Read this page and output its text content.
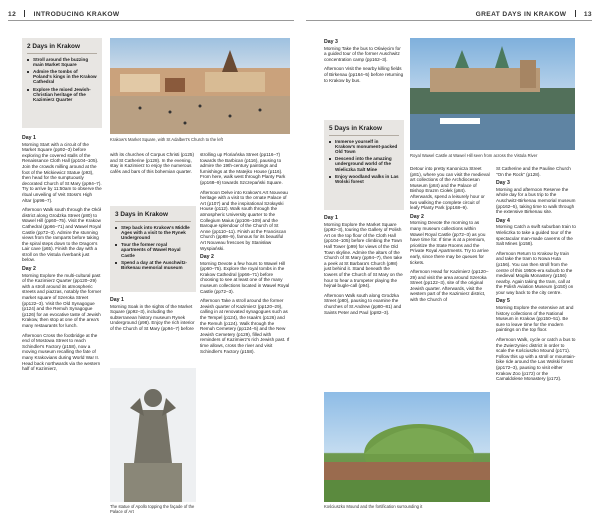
12	INTRODUCING KRAKOW	GREAT DAYS IN KRAKOW	13
2 Days in Krakow
Stroll around the buzzing main Market Square
Admire the tombs of Poland's kings in the Krakow Cathedral
Explore the mixed Jewish-Christian heritage of the Kazimierz Quarter
Krakow's Market Square, with St Adalbert's Church to the left
Day 1

Morning Start with a circuit of the Market Square (pp92–3) before exploring the covered stalls of the Renaissance Cloth Hall (pp104–105). Join the crowds milling around at the foot of the Mickiewicz Statue (p93), then head for the sumptuously decorated Church of St Mary (pp94–7). Try to arrive by 11:50am to observe the ritual unveiling of Veit Stoss's High Altar (pp96–7).

Afternoon Walk south through the Okół district along Grodzka Street (p80) to Wawel Hill (pp60–75). Visit the Krakow Cathedral (pp66–71) and Wawel Royal Castle (pp72–3). Admire the stunning views from the ramparts before taking the spiral steps down to the Dragon's Lair cave (p65). Finish the day with a stroll on the Vistula riverbank just below.

Day 2

Morning Explore the multi-cultural past of the Kazimierz Quarter (pp120–29) with a stroll around its atmospheric streets and piazzas, notably the former market square of Szeroka Street (pp122–3). Visit the Old Synagogue (p124) and the Remuh Synagogue (p126) for an evocative taste of Jewish Krakow, then stop at one of the area's many restaurants for lunch.

Afternoon Cross the footbridge at the end of Mostowa Street to reach Schindler's Factory (p158), now a moving museum recalling the fate of many Krakovians during World War II. Head back northwards via the western half of Kazimierz,

with its churches of Corpus Christi (p125) and St Catherine (p128). In the evening, stay in Kazimierz to enjoy the numerous cafés and bars of this bohemian quarter.

3 Days in Krakow
Step back into Krakow's Middle Ages with a visit to the Rynek Underground
Tour the former royal apartments of Wawel Royal Castle
Spend a day at the Auschwitz-Birkenau memorial museum
Day 1

Morning Soak in the sights of the Market Square (pp92–3), including the subterranean history museum Rynek Underground (p98). Enjoy the rich interior of the Church of St Mary (pp94–7) before

The statue of Apollo topping the façade of the Palace of Art

strolling up Floriańska Street (pp116–7) towards the Barbican (p116), pausing to admire the 19th-century paintings and furnishings at the Matejko House (p116). From here, walk west through Planty Park (pp168–9) towards Szczepański Square.

Afternoon Delve into Krakow's Art Nouveau heritage with a visit to the ornate Palace of Art (p107) and the inspirational Szołayski House (p112). Walk south through the atmospheric University quarter to the Collegium Maius (pp106–109) and the Baroque splendour of the Church of St Anne (pp110–11). Finish at the Franciscan Church (pp88–9), famous for its beautiful Art Nouveau frescoes by Stanisław Wyspiański.

Day 2

Morning Devote a few hours to Wawel Hill (pp60–75). Explore the royal tombs in the Krakow Cathedral (pp66–71) before choosing to see at least one of the many museum collections located in Wawel Royal Castle (pp72–3).

Afternoon Take a stroll around the former Jewish quarter of Kazimierz (pp120–29), calling in at renovated synagogues such as the Tempel (p124), the Isaak's (p126) and the Remuh (p124). Walk through the Remuh Cemetery (pp124–5) and the New Jewish Cemetery (p129), filled with reminders of Kazimierz's rich Jewish past. If time allows, cross the river and visit Schindler's Factory (p158).

Day 3

Morning Take the bus to Oświęcim for a guided tour of the former Auschwitz concentration camp (pp162–3).

Afternoon Visit the nearby killing fields of Birkenau (pp164–5) before returning to Krakow by bus.

5 Days in Krakow
Immerse yourself in Krakow's monument-packed Old Town
Descend into the amazing underground world of the Wieliczka Salt Mine
Enjoy woodland walks in Las Wolski forest
Day 1

Morning Explore the Market Square (pp92–3), touring the Gallery of Polish Art on the top floor of the Cloth Hall (pp104–105) before climbing the Town Hall Tower (p99) for views of the Old Town skyline. Admire the altars of the Church of St Mary (pp94–7), then take a peek at St Barbara's Church (p98) just behind it. Stand beneath the towers of the Church of St Mary on the hour to hear a trumpeter playing the hejnał bugle-call (p94).

Afternoon Walk south along Grodzka Street (p80), pausing to examine the churches of St Andrew (pp80–81) and Saints Peter and Paul (pp82–3).

Royal Wawel Castle at Wawel Hill seen from across the Vistula River

Detour into pretty Kanonicza Street (p81), where you can visit the medieval art collections of the Archdiocesan Museum (p84) and the Palace of Bishop Erazm Ciołek (p84). Afterwards, spend a leisurely hour or two walking the complete circuit of leafy Planty Park (pp168–9).

Day 2

Morning Devote the morning to as many museum collections within Wawel Royal Castle (pp72–3) as you have time for. If time is at a premium, prioritize the State Rooms and the Private Royal Apartments. Try to arrive early, since there may be queues for tickets.

Afternoon Head for Kazimierz (pp120–29) and visit the area around Szeroka Street (pp122–3), site of the original Jewish quarter. Afterwards, visit the western part of the Kazimierz district, with the Church of

St Catherine and the Pauline Church "On the Rock" (p128).

Day 3

Morning and afternoon Reserve the whole day for a bus trip to the Auschwitz-Birkenau memorial museum (pp162–5), taking time to walk through the extensive Birkenau site.

Day 4

Morning Catch a swift suburban train to Wieliczka to take a guided tour of the spectacular man-made caverns of the Salt Mines (p158).

Afternoon Return to Krakow by train and take the tram to Nowa Huta (p156). You can then stroll from the centre of this 1950s-era suburb to the medieval Mogiła Monastery (p156) nearby. Again taking the tram, call at the Polish Aviation Museum (p150) on your way back to the city centre.

Day 5

Morning Explore the extensive art and history collections of the National Museum in Krakow (pp150–51). Be sure to leave time for the modern paintings on the top floor.

Afternoon Walk, cycle or catch a bus to the Zwierzyniec district in order to scale the Kościuszko Mound (p171). Follow this up with a stroll or mountain-bike ride around the Las Wolski forest (pp172–3), pausing to visit either Krakow Zoo (p172) or the Camaldolese Monastery (p172).

Kościuszko Mound and the fortification surrounding it
